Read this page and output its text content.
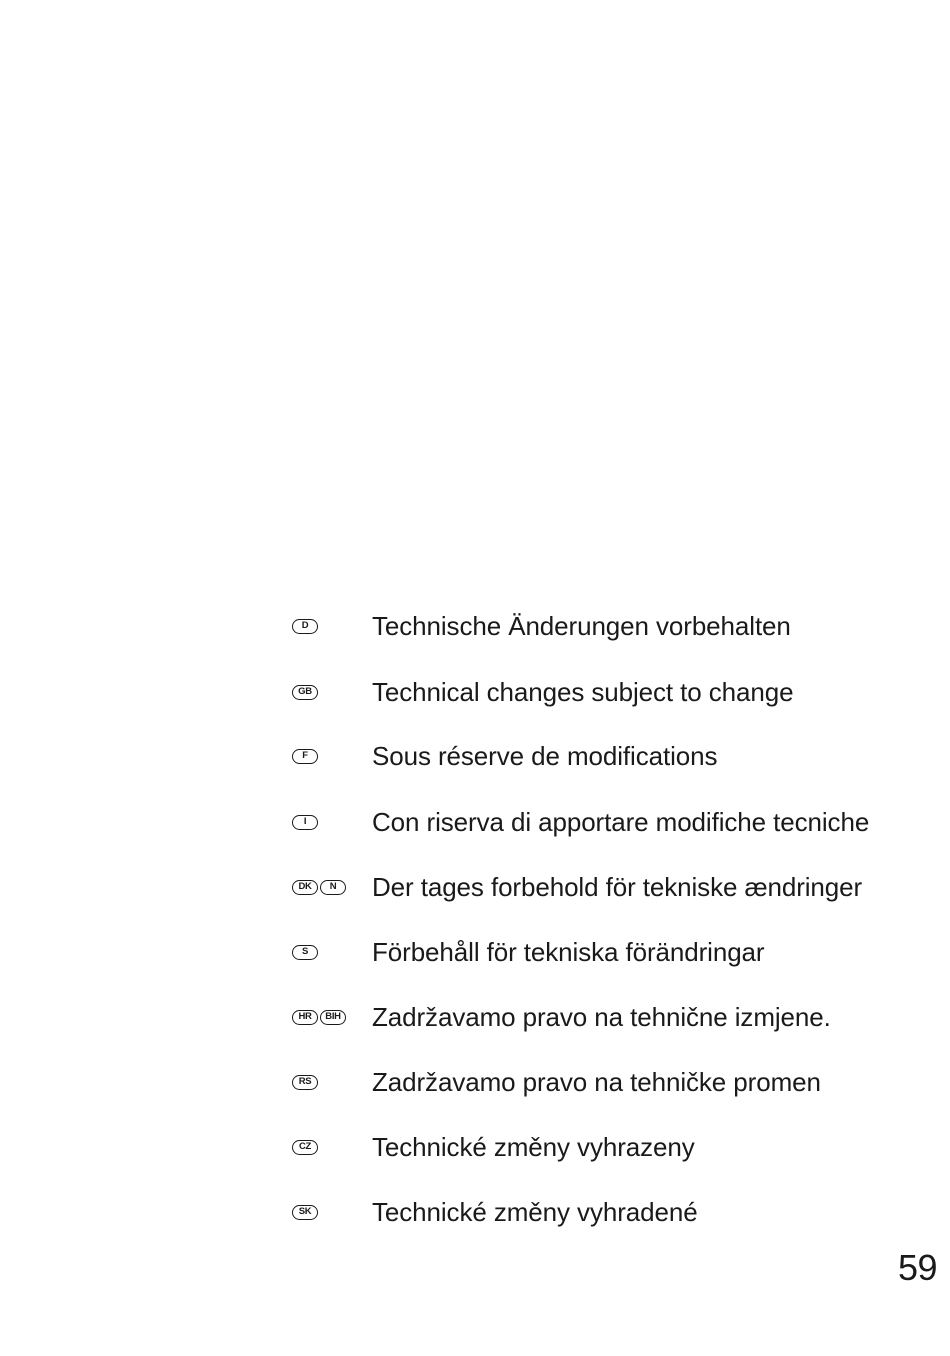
D	Technische Änderungen vorbehalten
GB Technical changes subject to change
F	Sous réserve de modifications
I	Con riserva di apportare modifiche tecniche
DK	N	Der tages forbehold för tekniske ændringer
S	Förbehåll för tekniska förändringar
HR	BIH Zadržavamo pravo na tehnične izmjene.
RS Zadržavamo pravo na tehničke promen
CZ Technické změny vyhrazeny
SK Technické změny vyhradené
59
